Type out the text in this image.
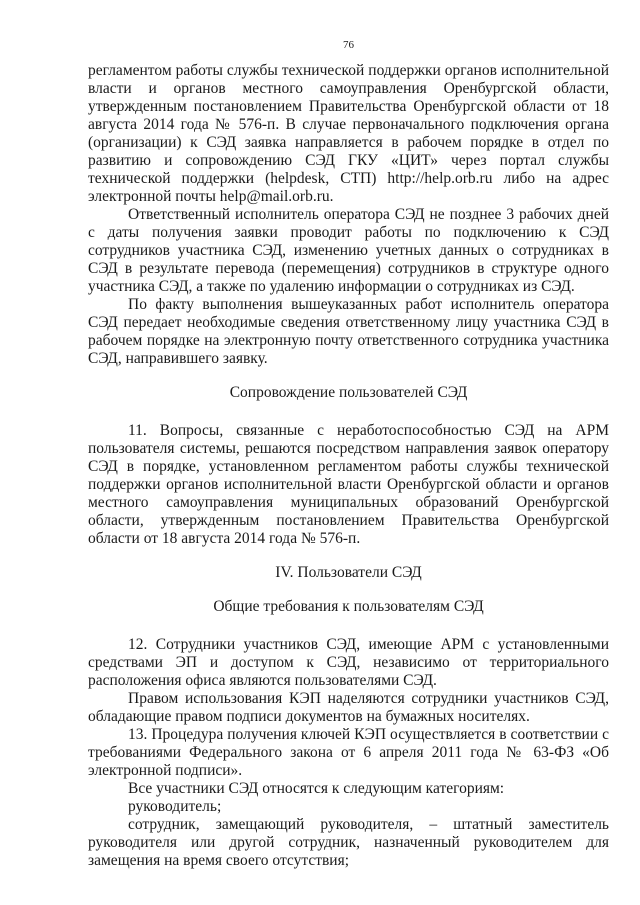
76

регламентом работы службы технической поддержки органов исполнительной власти и органов местного самоуправления Оренбургской области, утвержденным постановлением Правительства Оренбургской области от 18 августа 2014 года № 576-п. В случае первоначального подключения органа (организации) к СЭД заявка направляется в рабочем порядке в отдел по развитию и сопровождению СЭД ГКУ «ЦИТ» через портал службы технической поддержки (helpdesk, СТП) http://help.orb.ru либо на адрес электронной почты help@mail.orb.ru.

Ответственный исполнитель оператора СЭД не позднее 3 рабочих дней с даты получения заявки проводит работы по подключению к СЭД сотрудников участника СЭД, изменению учетных данных о сотрудниках в СЭД в результате перевода (перемещения) сотрудников в структуре одного участника СЭД, а также по удалению информации о сотрудниках из СЭД.

По факту выполнения вышеуказанных работ исполнитель оператора СЭД передает необходимые сведения ответственному лицу участника СЭД в рабочем порядке на электронную почту ответственного сотрудника участника СЭД, направившего заявку.

Сопровождение пользователей СЭД

11. Вопросы, связанные с неработоспособностью СЭД на АРМ пользователя системы, решаются посредством направления заявок оператору СЭД в порядке, установленном регламентом работы службы технической поддержки органов исполнительной власти Оренбургской области и органов местного самоуправления муниципальных образований Оренбургской области, утвержденным постановлением Правительства Оренбургской области от 18 августа 2014 года № 576-п.

IV. Пользователи СЭД

Общие требования к пользователям СЭД

12. Сотрудники участников СЭД, имеющие АРМ с установленными средствами ЭП и доступом к СЭД, независимо от территориального расположения офиса являются пользователями СЭД.

Правом использования КЭП наделяются сотрудники участников СЭД, обладающие правом подписи документов на бумажных носителях.

13. Процедура получения ключей КЭП осуществляется в соответствии с требованиями Федерального закона от 6 апреля 2011 года № 63-ФЗ «Об электронной подписи».

Все участники СЭД относятся к следующим категориям:

руководитель;

сотрудник, замещающий руководителя, – штатный заместитель руководителя или другой сотрудник, назначенный руководителем для замещения на время своего отсутствия;
